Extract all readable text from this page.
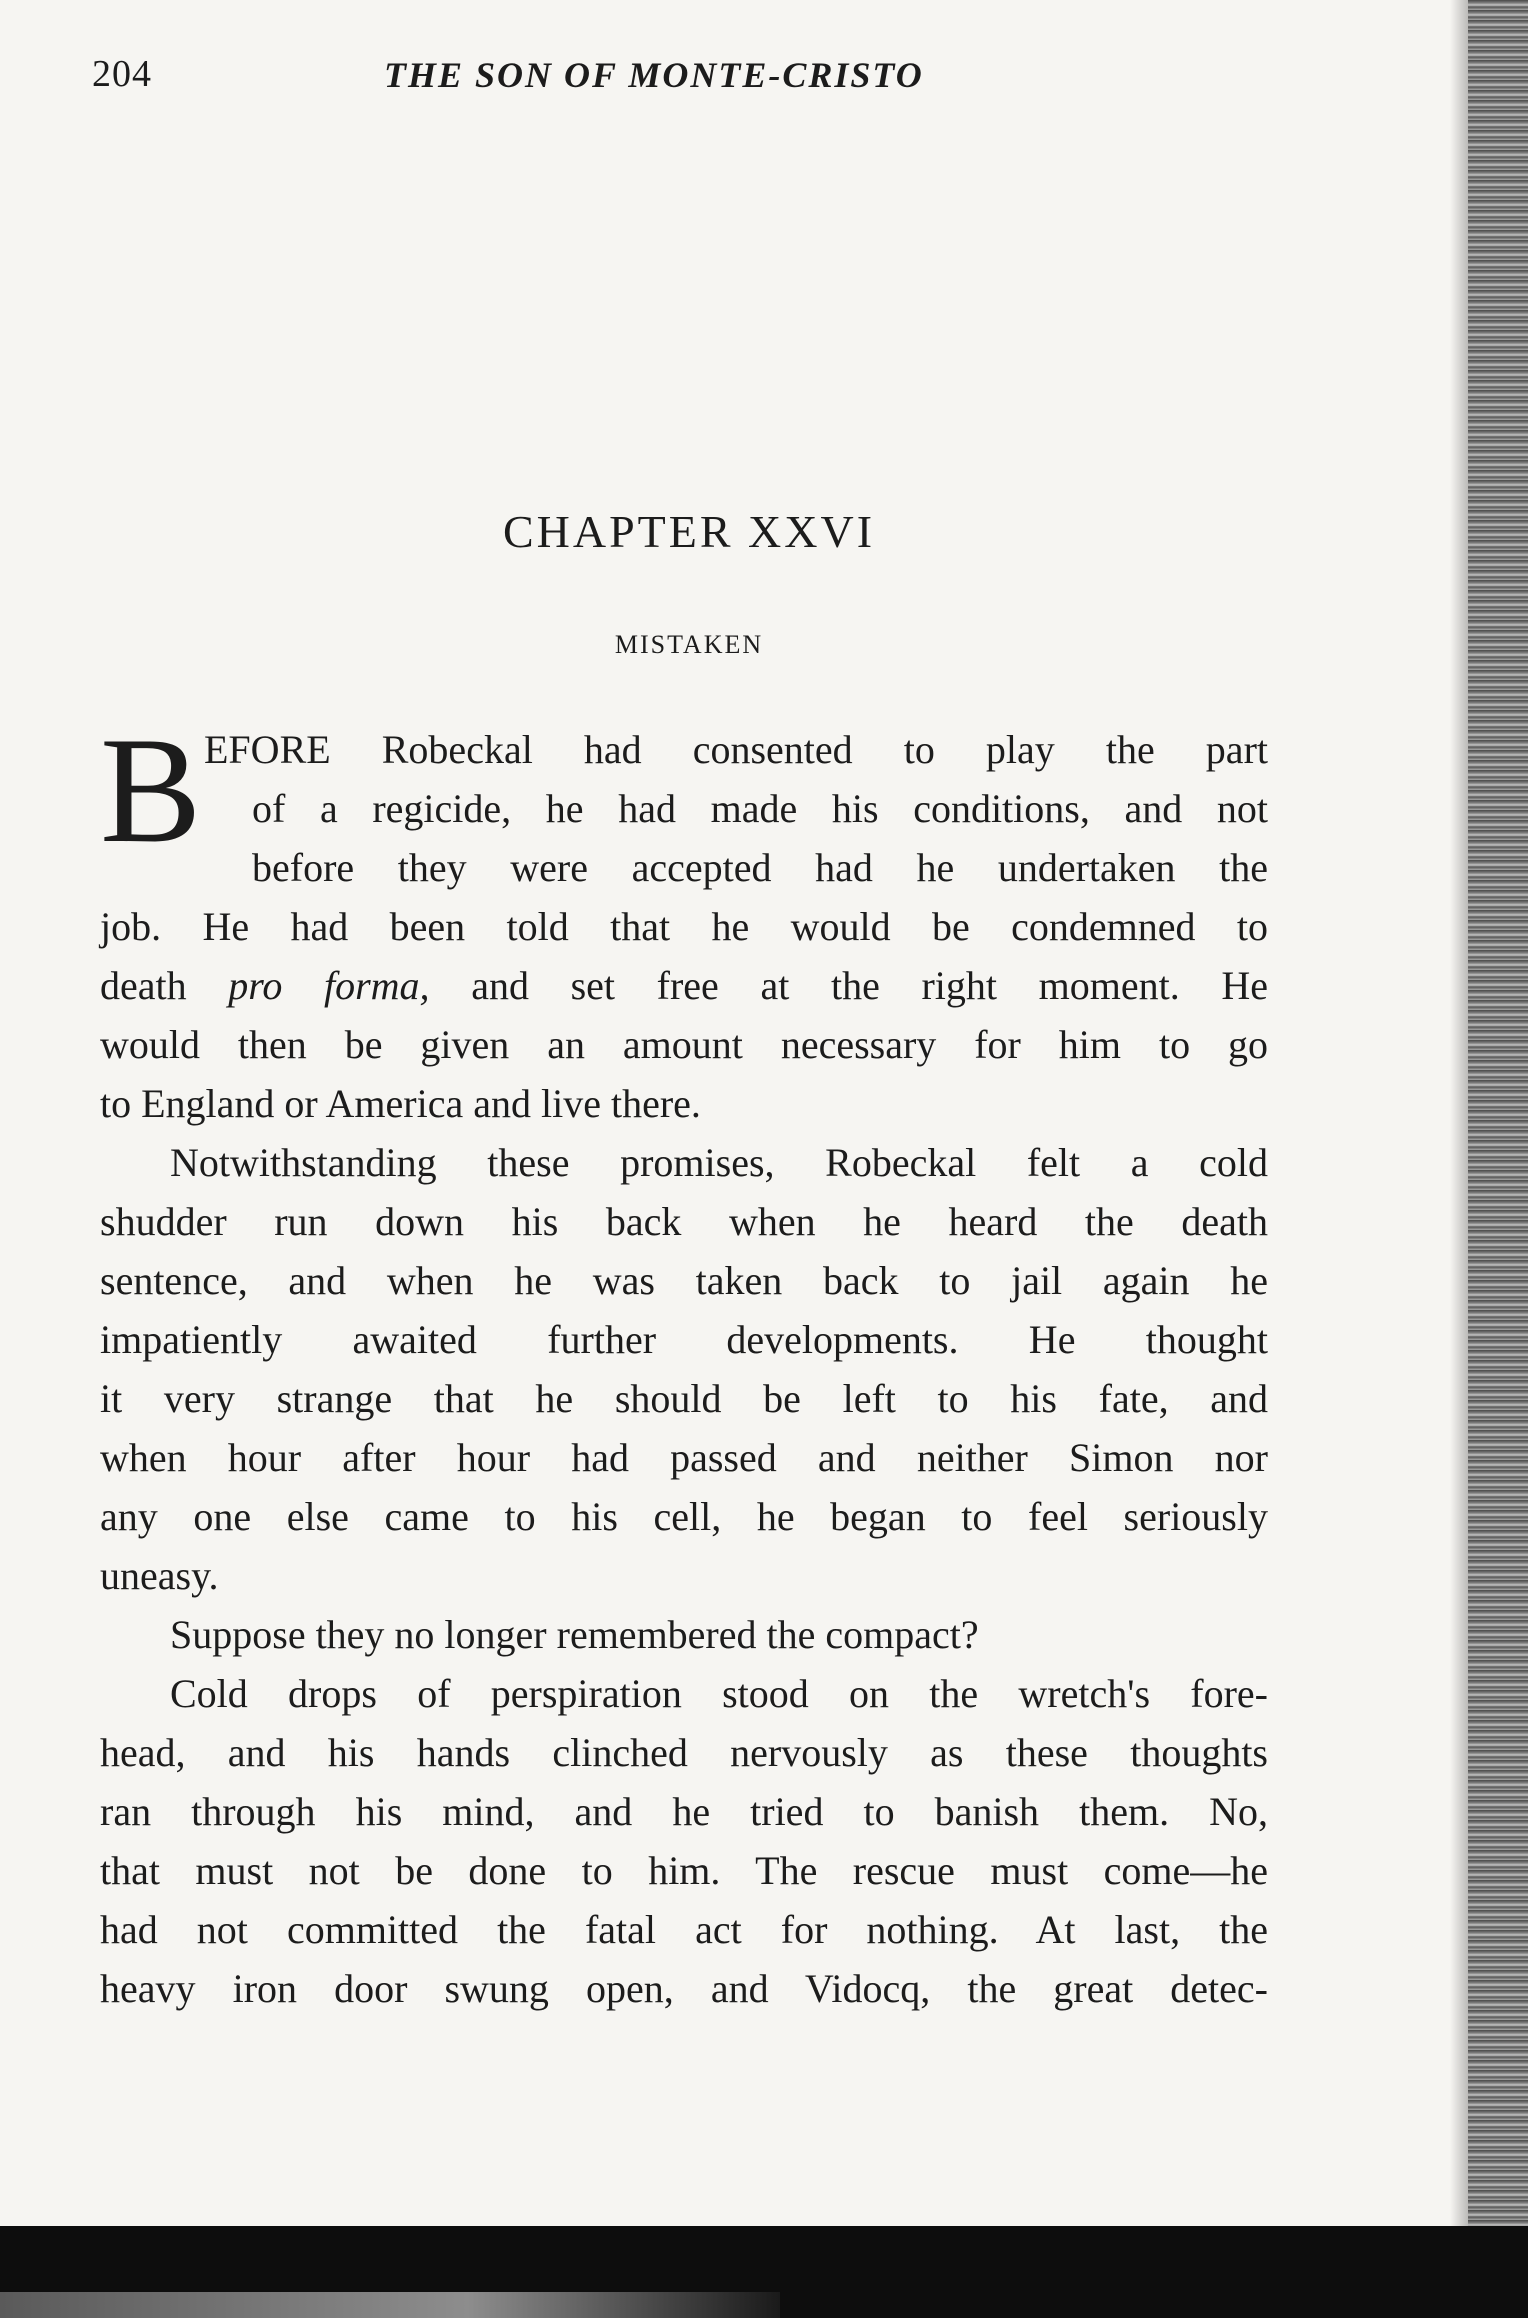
204	THE SON OF MONTE-CRISTO
CHAPTER XXVI
MISTAKEN
B EFORE Robeckal had consented to play the part
of a regicide, he had made his conditions, and not
before they were accepted had he undertaken the
job. He had been told that he would be condemned to
death pro forma, and set free at the right moment. He
would then be given an amount necessary for him to go
to England or America and live there.
Notwithstanding these promises, Robeckal felt a cold
shudder run down his back when he heard the death
sentence, and when he was taken back to jail again he
impatiently awaited further developments. He thought
it very strange that he should be left to his fate, and
when hour after hour had passed and neither Simon nor
any one else came to his cell, he began to feel seriously
uneasy.
Suppose they no longer remembered the compact?
Cold drops of perspiration stood on the wretch's fore-
head, and his hands clinched nervously as these thoughts
ran through his mind, and he tried to banish them. No,
that must not be done to him. The rescue must come—he
had not committed the fatal act for nothing. At last, the
heavy iron door swung open, and Vidocq, the great detec-
